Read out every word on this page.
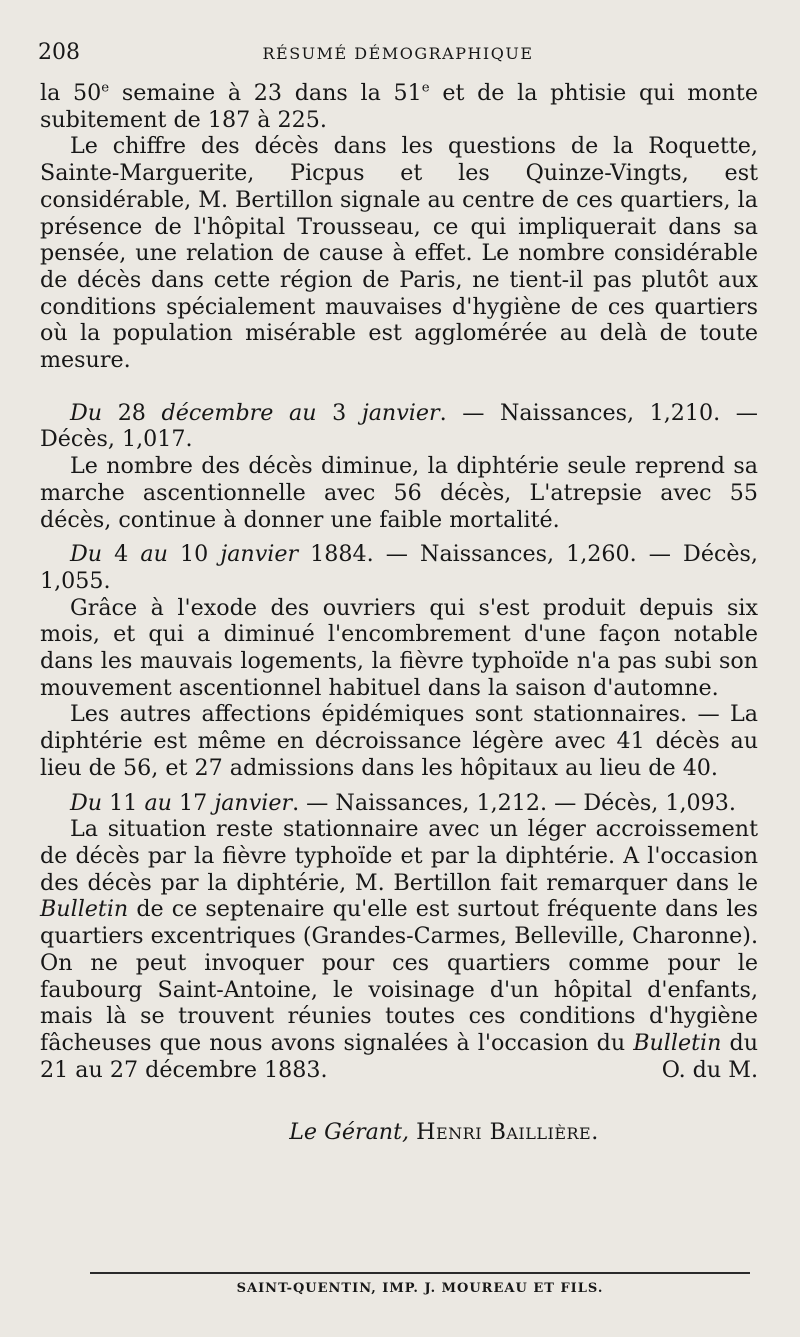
208	RÉSUMÉ DÉMOGRAPHIQUE

la 50e semaine à 23 dans la 51e et de la phtisie qui monte subitement de 187 à 225.

Le chiffre des décès dans les questions de la Roquette, Sainte-Marguerite, Picpus et les Quinze-Vingts, est considérable, M. Bertillon signale au centre de ces quartiers, la présence de l'hôpital Trousseau, ce qui impliquerait dans sa pensée, une relation de cause à effet. Le nombre considérable de décès dans cette région de Paris, ne tient-il pas plutôt aux conditions spécialement mauvaises d'hygiène de ces quartiers où la population misérable est agglomérée au delà de toute mesure.

Du 28 décembre au 3 janvier. — Naissances, 1,210. — Décès, 1,017.

Le nombre des décès diminue, la diphtérie seule reprend sa marche ascentionnelle avec 56 décès, L'atrepsie avec 55 décès, continue à donner une faible mortalité.

Du 4 au 10 janvier 1884. — Naissances, 1,260. — Décès, 1,055.

Grâce à l'exode des ouvriers qui s'est produit depuis six mois, et qui a diminué l'encombrement d'une façon notable dans les mauvais logements, la fièvre typhoïde n'a pas subi son mouvement ascentionnel habituel dans la saison d'automne.

Les autres affections épidémiques sont stationnaires. — La diphtérie est même en décroissance légère avec 41 décès au lieu de 56, et 27 admissions dans les hôpitaux au lieu de 40.

Du 11 au 17 janvier. — Naissances, 1,212. — Décès, 1,093.

La situation reste stationnaire avec un léger accroissement de décès par la fièvre typhoïde et par la diphtérie. A l'occasion des décès par la diphtérie, M. Bertillon fait remarquer dans le Bulletin de ce septenaire qu'elle est surtout fréquente dans les quartiers excentriques (Grandes-Carmes, Belleville, Charonne). On ne peut invoquer pour ces quartiers comme pour le faubourg Saint-Antoine, le voisinage d'un hôpital d'enfants, mais là se trouvent réunies toutes ces conditions d'hygiène fâcheuses que nous avons signalées à l'occasion du Bulletin du 21 au 27 décembre 1883.	O. du M.

Le Gérant, Henri Baillière.
SAINT-QUENTIN, IMP. J. MOUREAU ET FILS.
